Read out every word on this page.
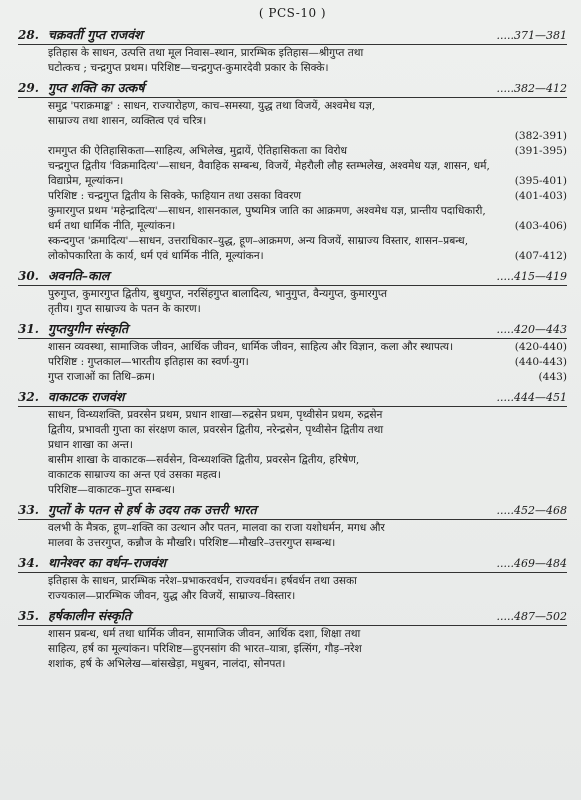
( PCS-10 )
28. चक्रवर्ती गुप्त राजवंश	.....371—381
इतिहास के साधन, उत्पत्ति तथा मूल निवास–स्थान, प्रारम्भिक इतिहास—श्रीगुप्त तथा
घटोत्कच ; चन्द्रगुप्त प्रथम। परिशिष्ट—चन्द्रगुप्त-कुमारदेवी प्रकार के सिक्के।
29. गुप्त शक्ति का उत्कर्ष	.....382—412
समुद्र 'पराक्रमाङ्क' : साधन, राज्यारोहण, काच–समस्या, युद्ध तथा विजयें, अश्वमेध यज्ञ,
साम्राज्य तथा शासन, व्यक्तित्व एवं चरित्र।
(382-391)
रामगुप्त की ऐतिहासिकता—साहित्य, अभिलेख, मुद्रायें, ऐतिहासिकता का विरोध	(391-395)
चन्द्रगुप्त द्वितीय 'विक्रमादित्य'—साधन, वैवाहिक सम्बन्ध, विजयें, मेहरौली लौह स्तम्भलेख, अश्वमेध यज्ञ, शासन, धर्म, विद्याप्रेम, मूल्यांकन।	(395-401)
परिशिष्ट : चन्द्रगुप्त द्वितीय के सिक्के, फाहियान तथा उसका विवरण	(401-403)
कुमारगुप्त प्रथम 'महेन्द्रादित्य'—साधन, शासनकाल, पुष्यमित्र जाति का आक्रमण, अश्वमेध यज्ञ, प्रान्तीय पदाधिकारी, धर्म तथा धार्मिक नीति, मूल्यांकन।	(403-406)
स्कन्दगुप्त 'क्रमादित्य'—साधन, उत्तराधिकार–युद्ध, हूण–आक्रमण, अन्य विजयें, साम्राज्य विस्तार, शासन–प्रबन्ध, लोकोपकारिता के कार्य, धर्म एवं धार्मिक नीति, मूल्यांकन।	(407-412)
30. अवनति–काल	.....415—419
पुरुगुप्त, कुमारगुप्त द्वितीय, बुधगुप्त, नरसिंहगुप्त बालादित्य, भानुगुप्त, वैन्यगुप्त, कुमारगुप्त
तृतीय। गुप्त साम्राज्य के पतन के कारण।
31. गुप्तयुगीन संस्कृति	.....420—443
शासन व्यवस्था, सामाजिक जीवन, आर्थिक जीवन, धार्मिक जीवन, साहित्य और विज्ञान, कला और स्थापत्य।	(420-440)
परिशिष्ट : गुप्तकाल—भारतीय इतिहास का स्वर्ण-युग।	(440-443)
गुप्त राजाओं का तिथि–क्रम।	(443)
32. वाकाटक राजवंश	.....444—451
साधन, विन्ध्यशक्ति, प्रवरसेन प्रथम, प्रधान शाखा—रुद्रसेन प्रथम, पृथ्वीसेन प्रथम, रुद्रसेन
द्वितीय, प्रभावती गुप्ता का संरक्षण काल, प्रवरसेन द्वितीय, नरेन्द्रसेन, पृथ्वीसेन द्वितीय तथा
प्रधान शाखा का अन्त।
बासीम शाखा के वाकाटक—सर्वसेन, विन्ध्यशक्ति द्वितीय, प्रवरसेन द्वितीय, हरिषेण,
वाकाटक साम्राज्य का अन्त एवं उसका महत्व।
परिशिष्ट—वाकाटक–गुप्त सम्बन्ध।
33. गुप्तों के पतन से हर्ष के उदय तक उत्तरी भारत	.....452—468
वलभी के मैत्रक, हूण–शक्ति का उत्थान और पतन, मालवा का राजा यशोधर्मन, मगध और
मालवा के उत्तरगुप्त, कन्नौज के मौखरि। परिशिष्ट—मौखरि–उत्तरगुप्त सम्बन्ध।
34. थानेश्वर का वर्धन–राजवंश	.....469—484
इतिहास के साधन, प्रारम्भिक नरेश–प्रभाकरवर्धन, राज्यवर्धन। हर्षवर्धन तथा उसका
राज्यकाल—प्रारम्भिक जीवन, युद्ध और विजयें, साम्राज्य–विस्तार।
35. हर्षकालीन संस्कृति	.....487—502
शासन प्रबन्ध, धर्म तथा धार्मिक जीवन, सामाजिक जीवन, आर्थिक दशा, शिक्षा तथा
साहित्य, हर्ष का मूल्यांकन। परिशिष्ट—हुएनसांग की भारत–यात्रा, इत्सिंग, गौड़–नरेश
शशांक, हर्ष के अभिलेख—बांसखेड़ा, मधुबन, नालंदा, सोनपत।
